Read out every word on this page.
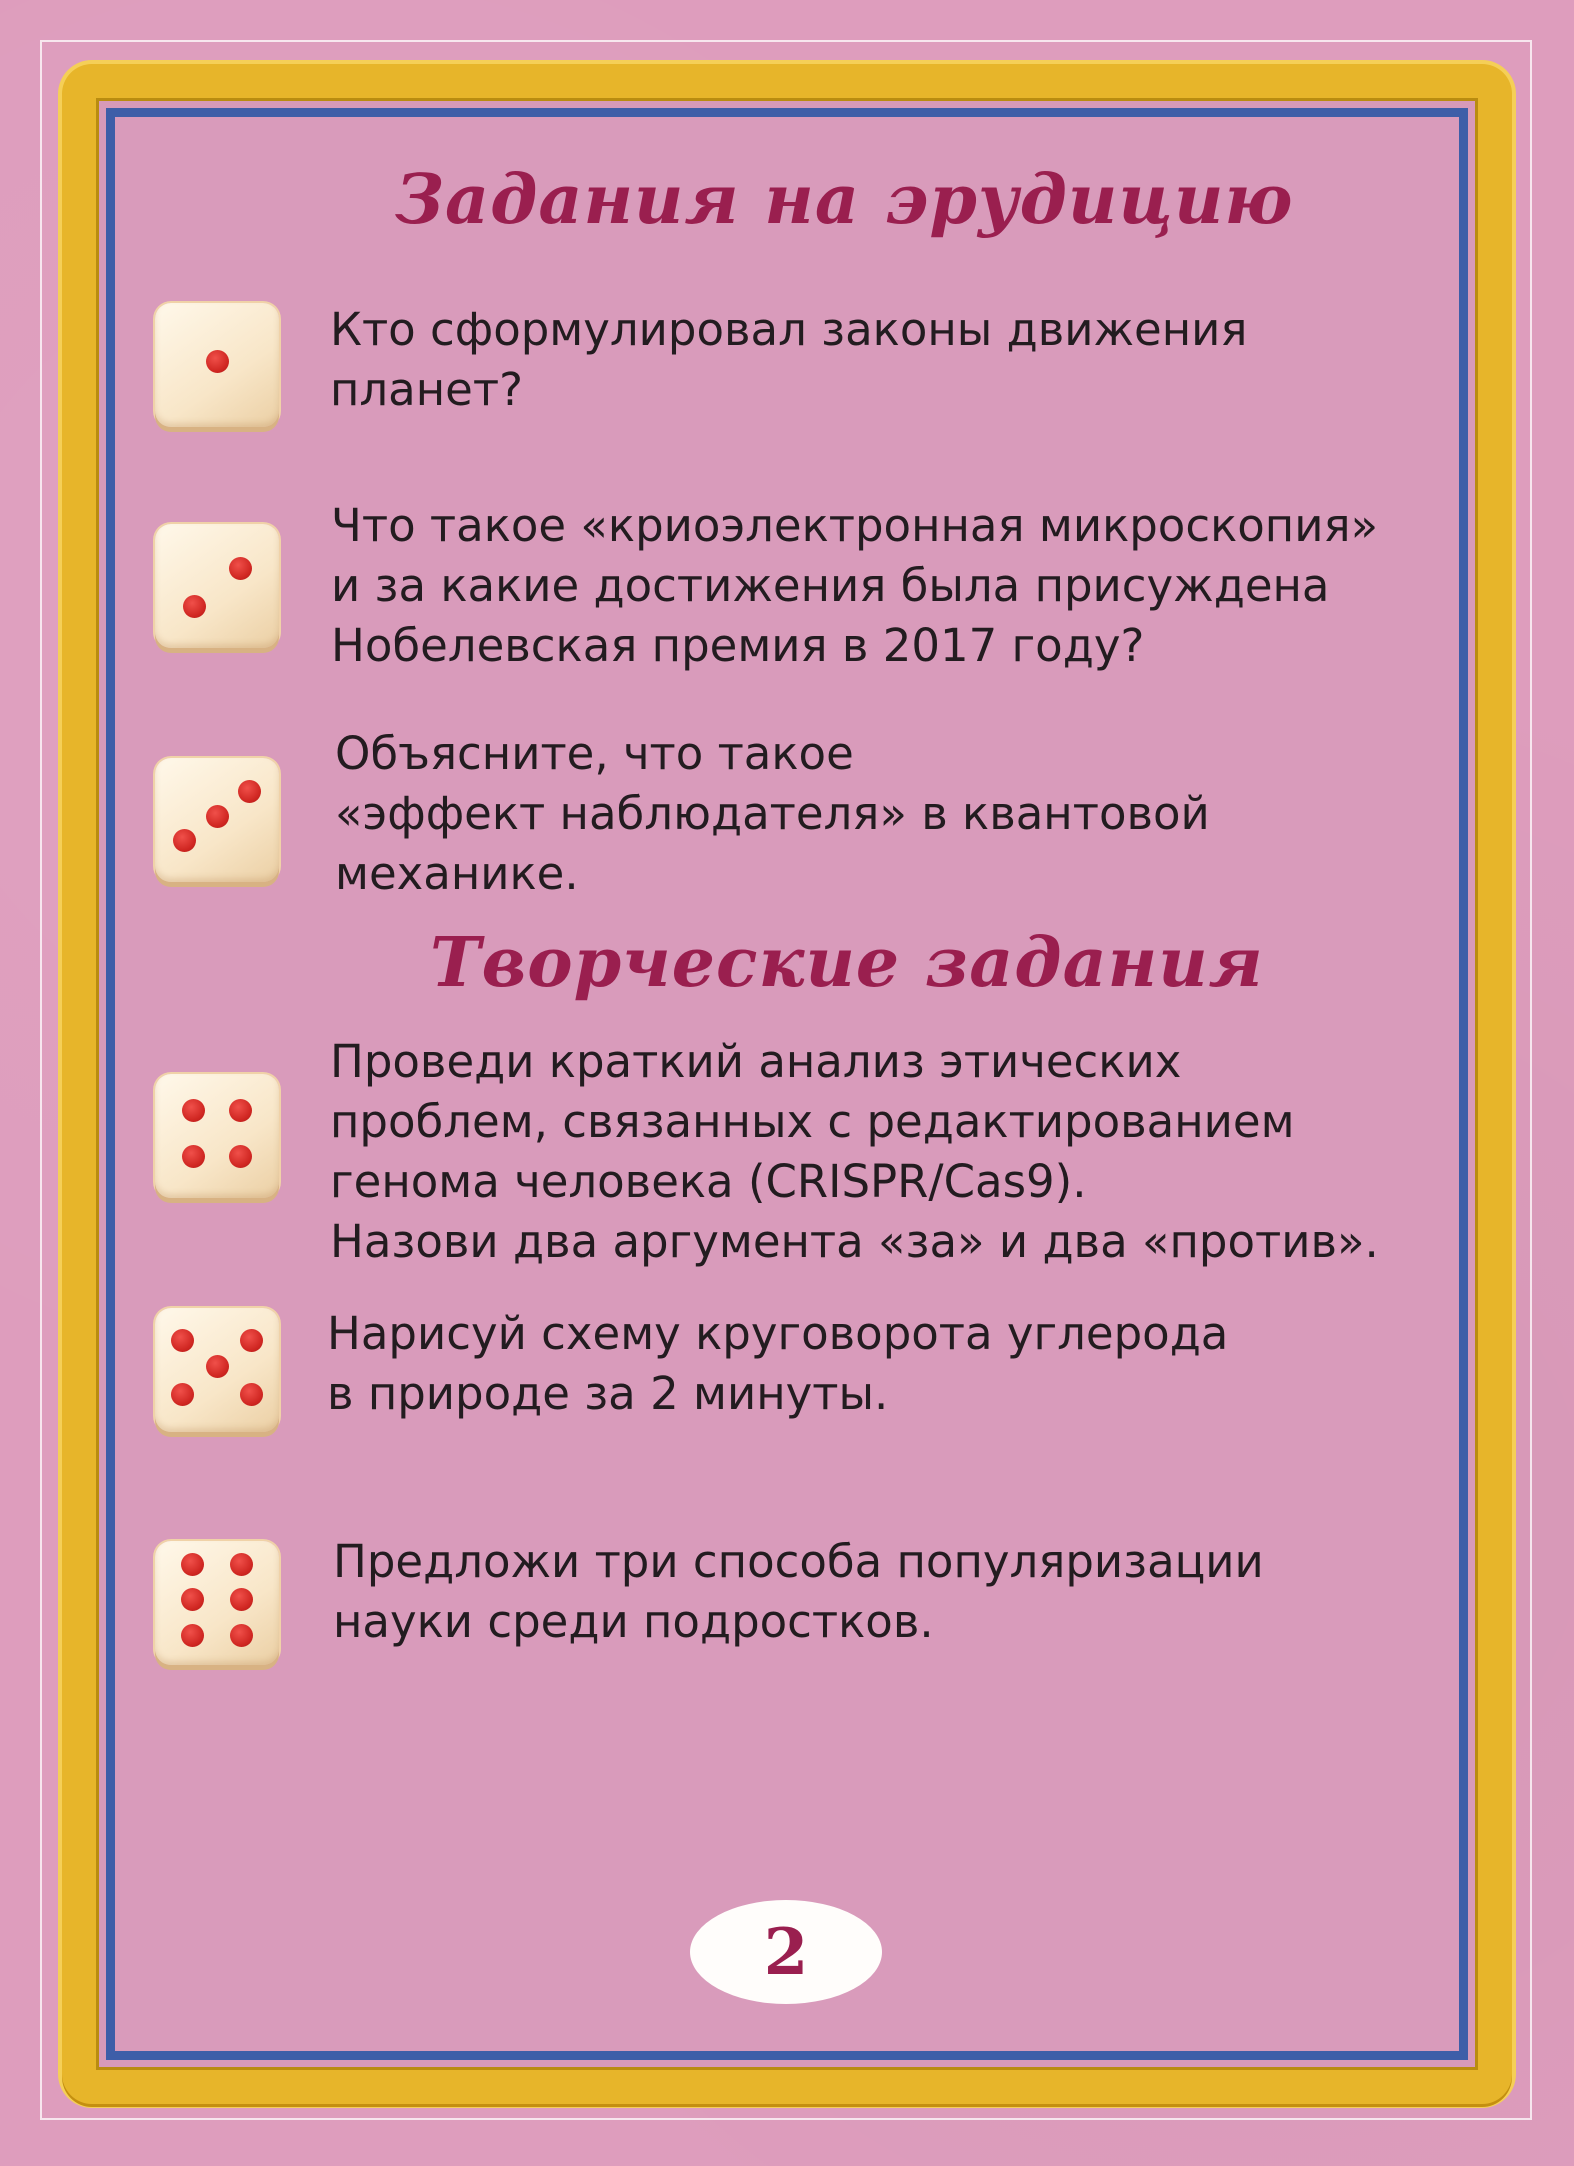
Задания на эрудицию

Кто сформулировал законы движения
планет?

Что такое «криоэлектронная микроскопия»
и за какие достижения была присуждена
Нобелевская премия в 2017 году?

Объясните, что такое
«эффект наблюдателя» в квантовой
механике.

Творческие задания

Проведи краткий анализ этических
проблем, связанных с редактированием
генома человека (CRISPR/Cas9).
Назови два аргумента «за» и два «против».

Нарисуй схему круговорота углерода
в природе за 2 минуты.

Предложи три способа популяризации
науки среди подростков.

2
